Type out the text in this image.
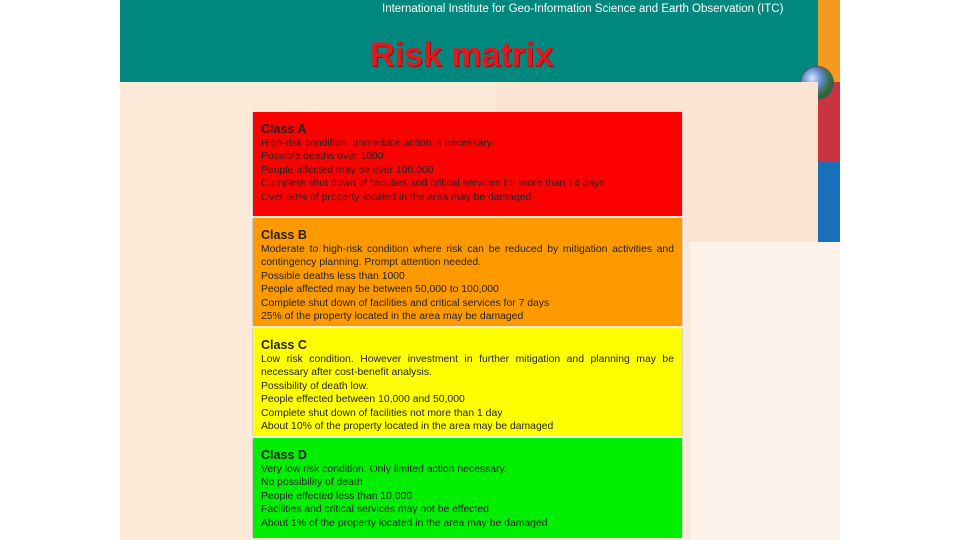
International Institute for Geo-Information Science and Earth Observation (ITC)
Risk matrix
Class A
High-risk condition. Immediate action is necessary.
Possible deaths over 1000
People affected may be over 100,000
Complete shut down of facilities and critical services for more than 14 days
Over 50% of property located in the area may be damaged
Class B
Moderate to high-risk condition where risk can be reduced by mitigation activities and contingency planning. Prompt attention needed.
Possible deaths less than 1000
People affected may be between 50,000 to 100,000
Complete shut down of facilities and critical services for 7 days
25% of the property located in the area may be damaged
Class C
Low risk condition. However investment in further mitigation and planning may be necessary after cost-benefit analysis.
Possibility of death low.
People effected between 10,000 and 50,000
Complete shut down of facilities not more than 1 day
About 10% of the property located in the area may be damaged
Class D
Very low risk condition. Only limited action necessary.
No possibility of death
People effected less than 10,000
Facilities and critical services may not be effected
About 1% of the property located in the area may be damaged
